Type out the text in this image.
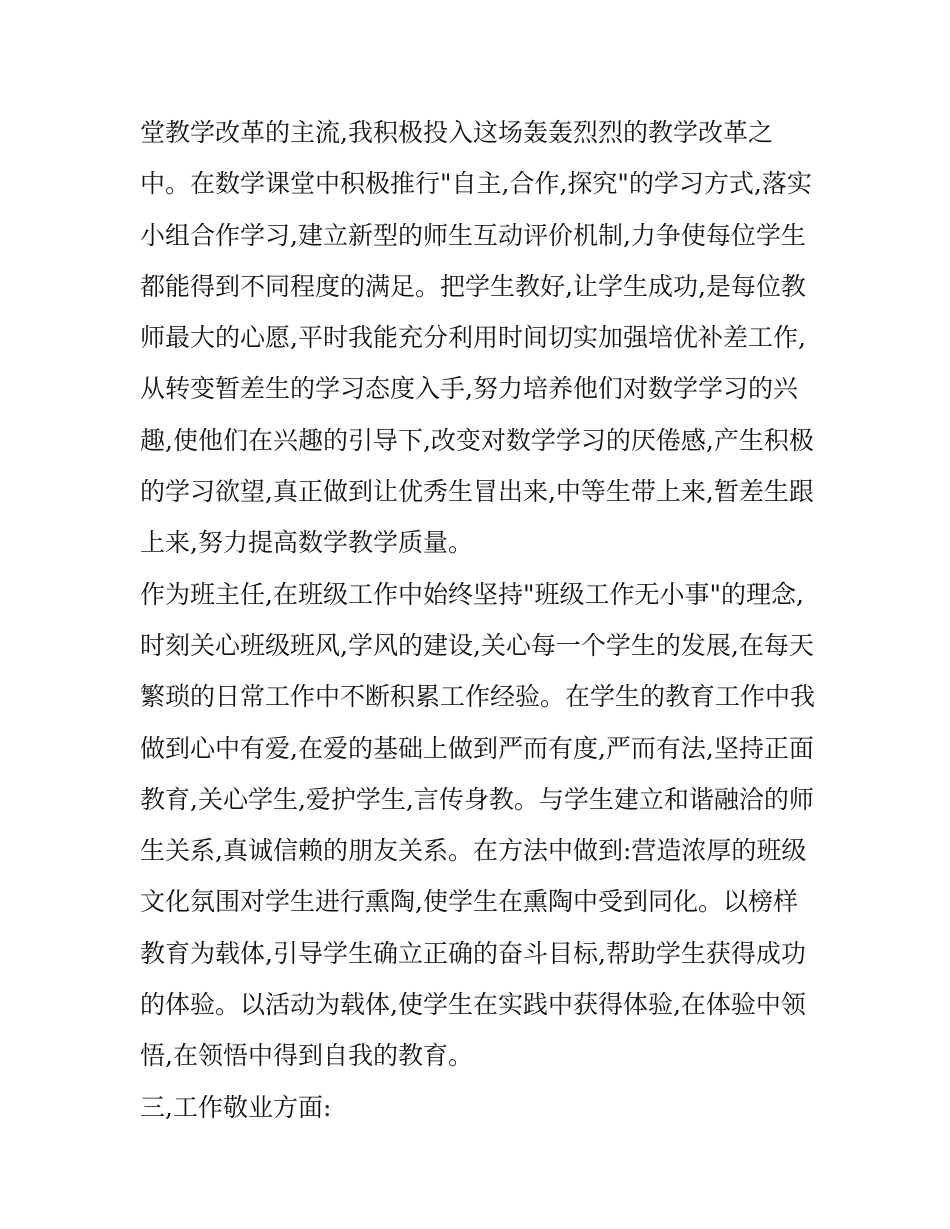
堂教学改革的主流,我积极投入这场轰轰烈烈的教学改革之
中。在数学课堂中积极推行"自主,合作,探究"的学习方式,落实
小组合作学习,建立新型的师生互动评价机制,力争使每位学生
都能得到不同程度的满足。把学生教好,让学生成功,是每位教
师最大的心愿,平时我能充分利用时间切实加强培优补差工作,
从转变暂差生的学习态度入手,努力培养他们对数学学习的兴
趣,使他们在兴趣的引导下,改变对数学学习的厌倦感,产生积极
的学习欲望,真正做到让优秀生冒出来,中等生带上来,暂差生跟
上来,努力提高数学教学质量。
作为班主任,在班级工作中始终坚持"班级工作无小事"的理念,
时刻关心班级班风,学风的建设,关心每一个学生的发展,在每天
繁琐的日常工作中不断积累工作经验。在学生的教育工作中我
做到心中有爱,在爱的基础上做到严而有度,严而有法,坚持正面
教育,关心学生,爱护学生,言传身教。与学生建立和谐融洽的师
生关系,真诚信赖的朋友关系。在方法中做到:营造浓厚的班级
文化氛围对学生进行熏陶,使学生在熏陶中受到同化。以榜样
教育为载体,引导学生确立正确的奋斗目标,帮助学生获得成功
的体验。以活动为载体,使学生在实践中获得体验,在体验中领
悟,在领悟中得到自我的教育。
三,工作敬业方面:
